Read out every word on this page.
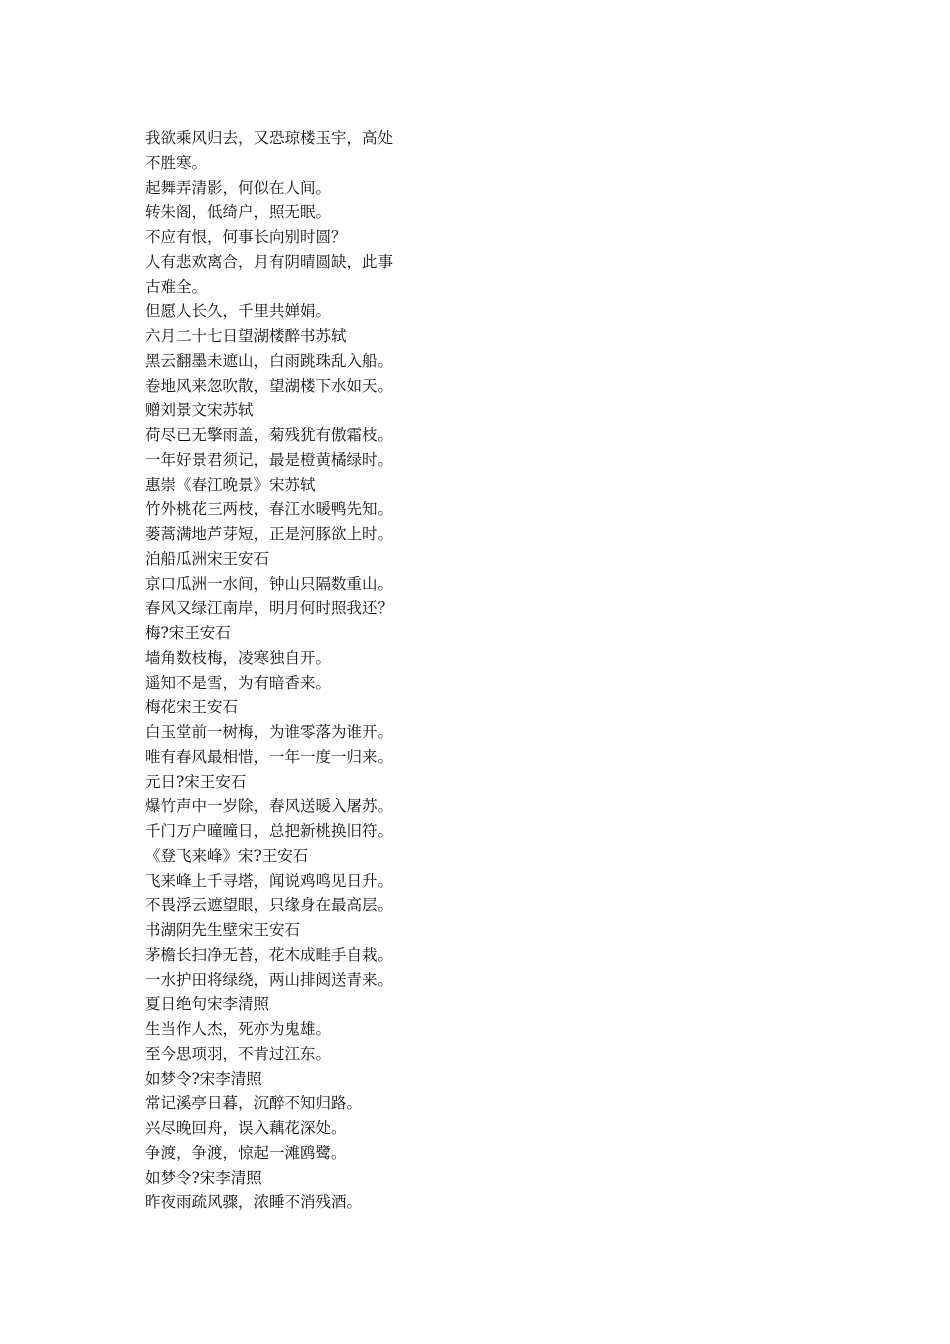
我欲乘风归去，又恐琼楼玉宇，高处
不胜寒。
起舞弄清影，何似在人间。
转朱阁，低绮户，照无眠。
不应有恨，何事长向别时圆？
人有悲欢离合，月有阴晴圆缺，此事
古难全。
但愿人长久，千里共婵娟。
六月二十七日望湖楼醉书苏轼
黑云翻墨未遮山，白雨跳珠乱入船。
卷地风来忽吹散，望湖楼下水如天。
赠刘景文宋苏轼
荷尽已无擎雨盖，菊残犹有傲霜枝。
一年好景君须记，最是橙黄橘绿时。
惠崇《春江晚景》宋苏轼
竹外桃花三两枝，春江水暖鸭先知。
蒌蒿满地芦芽短，正是河豚欲上时。
泊船瓜洲宋王安石
京口瓜洲一水间，钟山只隔数重山。
春风又绿江南岸，明月何时照我还？
梅?宋王安石
墙角数枝梅，凌寒独自开。
遥知不是雪，为有暗香来。
梅花宋王安石
白玉堂前一树梅，为谁零落为谁开。
唯有春风最相惜，一年一度一归来。
元日?宋王安石
爆竹声中一岁除，春风送暖入屠苏。
千门万户曈曈日，总把新桃换旧符。
《登飞来峰》宋?王安石
飞来峰上千寻塔，闻说鸡鸣见日升。
不畏浮云遮望眼，只缘身在最高层。
书湖阴先生壁宋王安石
茅檐长扫净无苔，花木成畦手自栽。
一水护田将绿绕，两山排闼送青来。
夏日绝句宋李清照
生当作人杰，死亦为鬼雄。
至今思项羽，不肯过江东。
如梦令?宋李清照
常记溪亭日暮，沉醉不知归路。
兴尽晚回舟，误入藕花深处。
争渡，争渡，惊起一滩鸥鹭。
如梦令?宋李清照
昨夜雨疏风骤，浓睡不消残酒。
